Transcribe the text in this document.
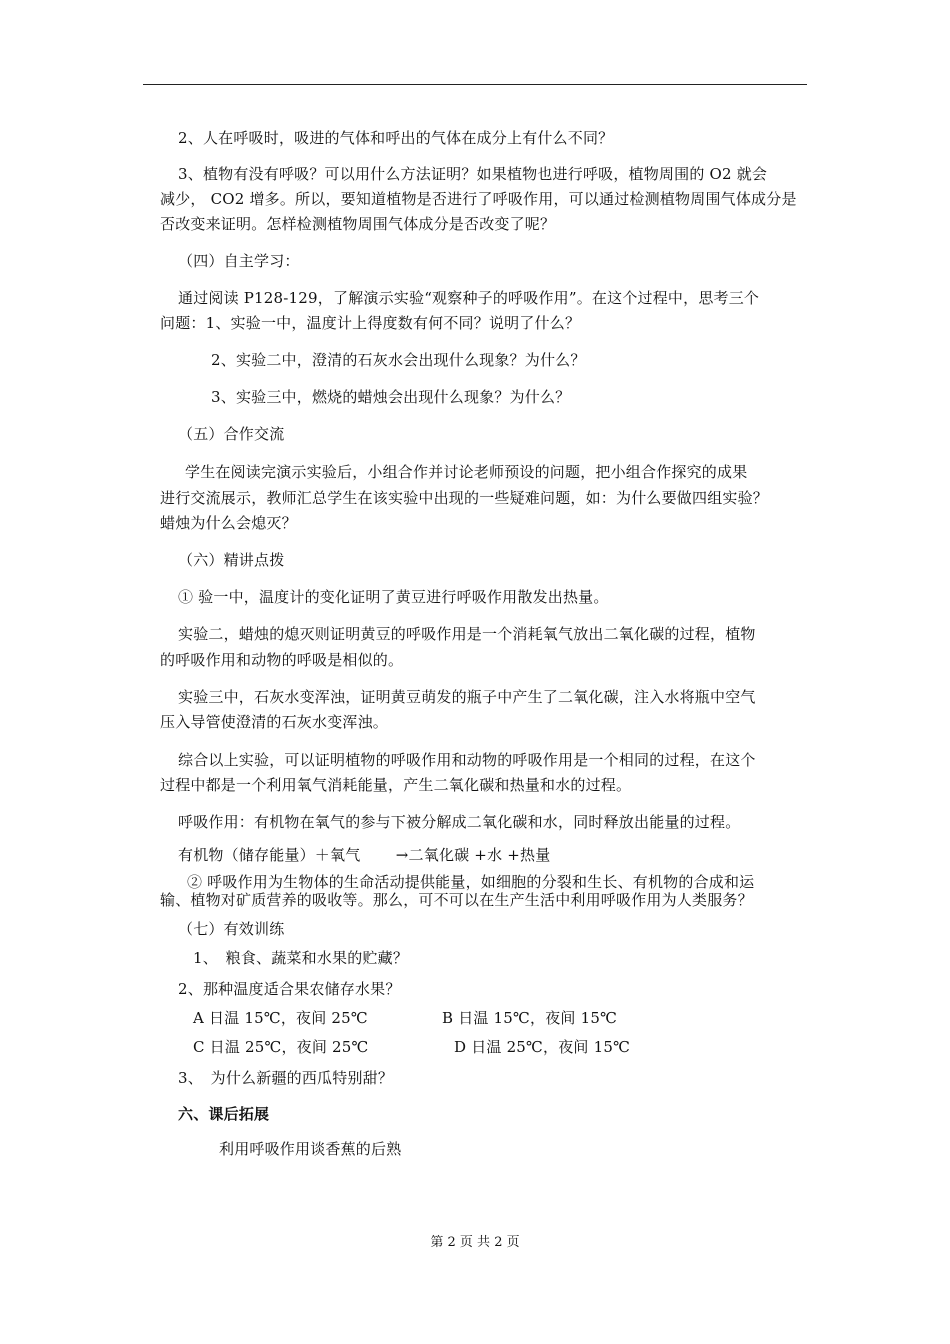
2、人在呼吸时，吸进的气体和呼出的气体在成分上有什么不同？
3、植物有没有呼吸？可以用什么方法证明？如果植物也进行呼吸，植物周围的 O2 就会
减少， CO2 增多。所以，要知道植物是否进行了呼吸作用，可以通过检测植物周围气体成分是
否改变来证明。怎样检测植物周围气体成分是否改变了呢？
（四）自主学习：
通过阅读 P128-129，了解演示实验“观察种子的呼吸作用”。在这个过程中，思考三个
问题：1、实验一中，温度计上得度数有何不同？说明了什么？
2、实验二中，澄清的石灰水会出现什么现象？为什么？
3、实验三中，燃烧的蜡烛会出现什么现象？为什么？
（五）合作交流
学生在阅读完演示实验后，小组合作并讨论老师预设的问题，把小组合作探究的成果
进行交流展示，教师汇总学生在该实验中出现的一些疑难问题，如：为什么要做四组实验？
蜡烛为什么会熄灭？
（六）精讲点拨
① 验一中，温度计的变化证明了黄豆进行呼吸作用散发出热量。
实验二，蜡烛的熄灭则证明黄豆的呼吸作用是一个消耗氧气放出二氧化碳的过程，植物
的呼吸作用和动物的呼吸是相似的。
实验三中，石灰水变浑浊，证明黄豆萌发的瓶子中产生了二氧化碳，注入水将瓶中空气
压入导管使澄清的石灰水变浑浊。
综合以上实验，可以证明植物的呼吸作用和动物的呼吸作用是一个相同的过程，在这个
过程中都是一个利用氧气消耗能量，产生二氧化碳和热量和水的过程。
呼吸作用：有机物在氧气的参与下被分解成二氧化碳和水，同时释放出能量的过程。
有机物（储存能量）＋氧气　　 →二氧化碳 +水 +热量
② 呼吸作用为生物体的生命活动提供能量，如细胞的分裂和生长、有机物的合成和运
输、植物对矿质营养的吸收等。那么，可不可以在生产生活中利用呼吸作用为人类服务？
（七）有效训练
1、　粮食、蔬菜和水果的贮藏？
2、那种温度适合果农储存水果？
A 日温 15℃，夜间 25℃	B 日温 15℃，夜间 15℃
C 日温 25℃，夜间 25℃	D 日温 25℃，夜间 15℃
3、　为什么新疆的西瓜特别甜？
六、课后拓展
利用呼吸作用谈香蕉的后熟
第 2 页 共 2 页
